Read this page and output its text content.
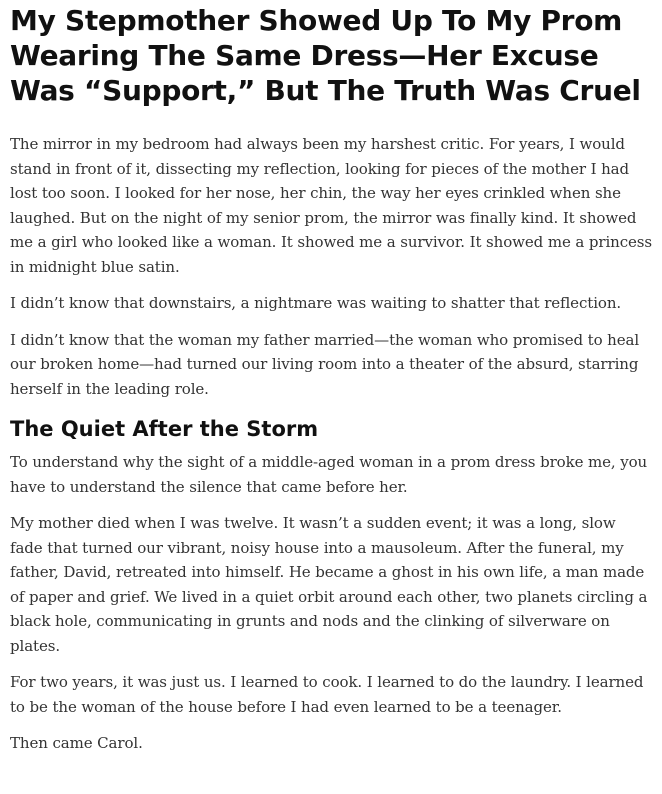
My Stepmother Showed Up To My Prom Wearing The Same Dress—Her Excuse Was “Support,” But The Truth Was Cruel

The mirror in my bedroom had always been my harshest critic. For years, I would stand in front of it, dissecting my reflection, looking for pieces of the mother I had lost too soon. I looked for her nose, her chin, the way her eyes crinkled when she laughed. But on the night of my senior prom, the mirror was finally kind. It showed me a girl who looked like a woman. It showed me a survivor. It showed me a princess in midnight blue satin.

I didn’t know that downstairs, a nightmare was waiting to shatter that reflection.

I didn’t know that the woman my father married—the woman who promised to heal our broken home—had turned our living room into a theater of the absurd, starring herself in the leading role.

The Quiet After the Storm

To understand why the sight of a middle-aged woman in a prom dress broke me, you have to understand the silence that came before her.

My mother died when I was twelve. It wasn’t a sudden event; it was a long, slow fade that turned our vibrant, noisy house into a mausoleum. After the funeral, my father, David, retreated into himself. He became a ghost in his own life, a man made of paper and grief. We lived in a quiet orbit around each other, two planets circling a black hole, communicating in grunts and nods and the clinking of silverware on plates.

For two years, it was just us. I learned to cook. I learned to do the laundry. I learned to be the woman of the house before I had even learned to be a teenager.

Then came Carol.
